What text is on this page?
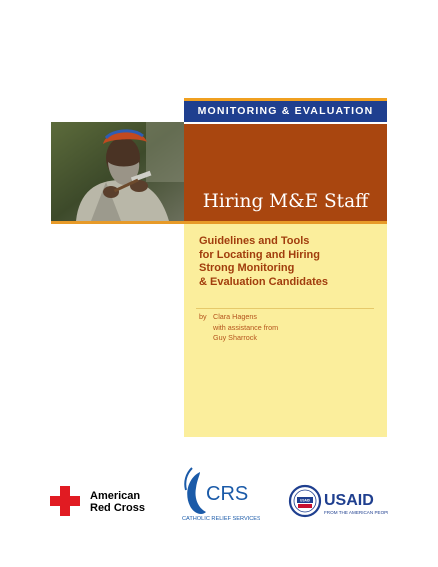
MONITORING & EVALUATION
Hiring M&E Staff
Guidelines and Tools
for Locating and Hiring
Strong Monitoring
& Evaluation Candidates
by Clara Hagens
with assistance from
Guy Sharrock
American
Red Cross
CRS
CATHOLIC RELIEF SERVICES
USAID USAID
FROM THE AMERICAN PEOPLE
